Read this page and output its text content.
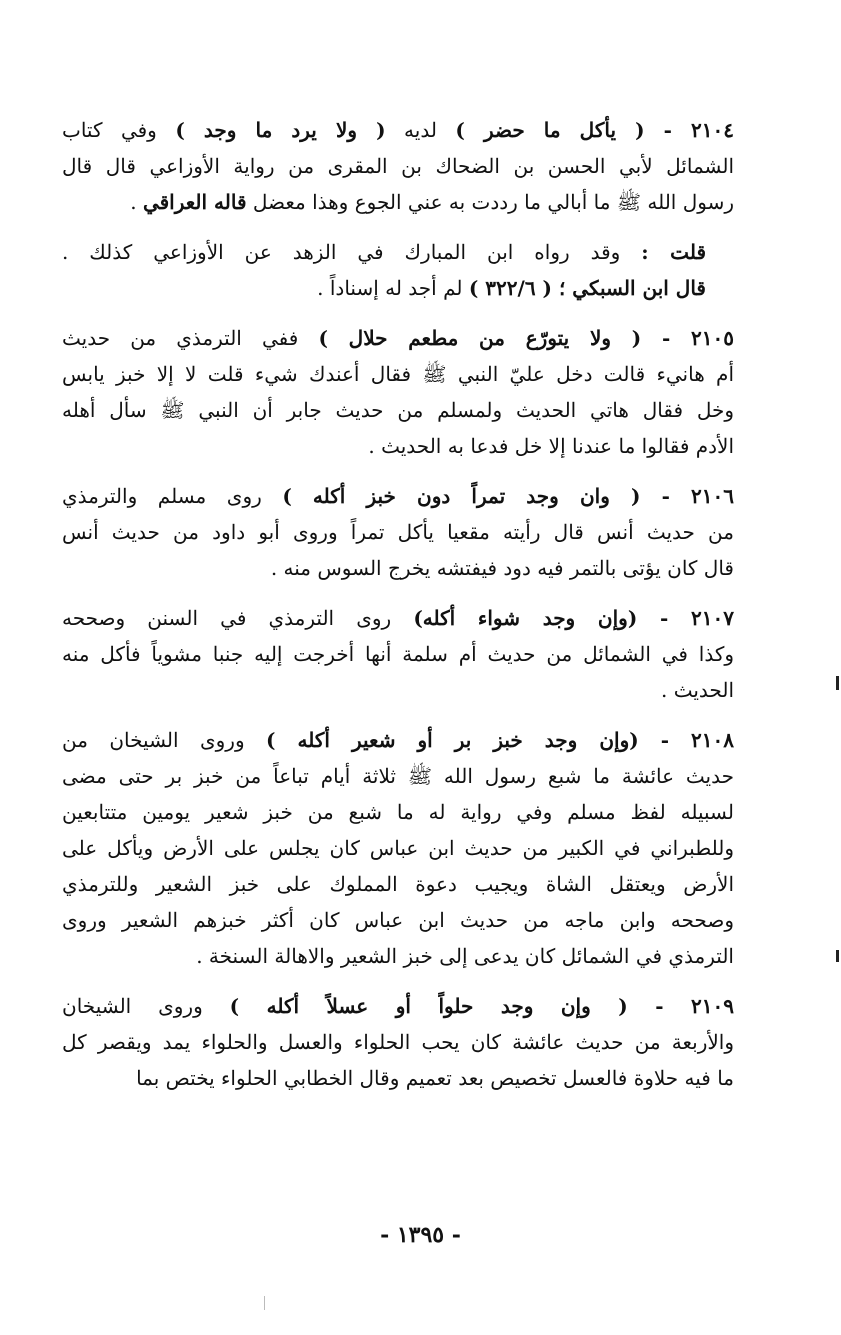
٢١٠٤ - ( يأكل ما حضر ) لديه ( ولا يرد ما وجد ) وفي كتاب
الشمائل لأبي الحسن بن الضحاك بن المقرى من رواية الأوزاعي قال قال
رسول الله ﷺ ما أبالي ما رددت به عني الجوع وهذا معضل قاله العراقي .
قلت : وقد رواه ابن المبارك في الزهد عن الأوزاعي كذلك .
قال ابن السبكي ؛ ( ٣٢٢/٦ ) لم أجد له إسناداً .
٢١٠٥ - ( ولا يتورّع من مطعم حلال ) ففي الترمذي من حديث
أم هانيء قالت دخل عليّ النبي ﷺ فقال أعندك شيء قلت لا إلا خبز يابس
وخل فقال هاتي الحديث ولمسلم من حديث جابر أن النبي ﷺ سأل أهله
الأدم فقالوا ما عندنا إلا خل فدعا به الحديث .
٢١٠٦ - ( وان وجد تمراً دون خبز أكله ) روى مسلم والترمذي
من حديث أنس قال رأيته مقعيا يأكل تمراً وروى أبو داود من حديث أنس
قال كان يؤتى بالتمر فيه دود فيفتشه يخرج السوس منه .
٢١٠٧ - (وإن وجد شواء أكله) روى الترمذي في السنن وصححه
وكذا في الشمائل من حديث أم سلمة أنها أخرجت إليه جنبا مشوياً فأكل منه
الحديث .
٢١٠٨ - (وإن وجد خبز بر أو شعير أكله ) وروى الشيخان من
حديث عائشة ما شبع رسول الله ﷺ ثلاثة أيام تباعاً من خبز بر حتى مضى
لسبيله لفظ مسلم وفي رواية له ما شبع من خبز شعير يومين متتابعين
وللطبراني في الكبير من حديث ابن عباس كان يجلس على الأرض ويأكل على
الأرض ويعتقل الشاة ويجيب دعوة المملوك على خبز الشعير وللترمذي
وصححه وابن ماجه من حديث ابن عباس كان أكثر خبزهم الشعير وروى
الترمذي في الشمائل كان يدعى إلى خبز الشعير والاهالة السنخة .
٢١٠٩ - ( وإن وجد حلواً أو عسلاً أكله ) وروى الشيخان
والأربعة من حديث عائشة كان يحب الحلواء والعسل والحلواء يمد ويقصر كل
ما فيه حلاوة فالعسل تخصيص بعد تعميم وقال الخطابي الحلواء يختص بما
- ١٣٩٥ -
